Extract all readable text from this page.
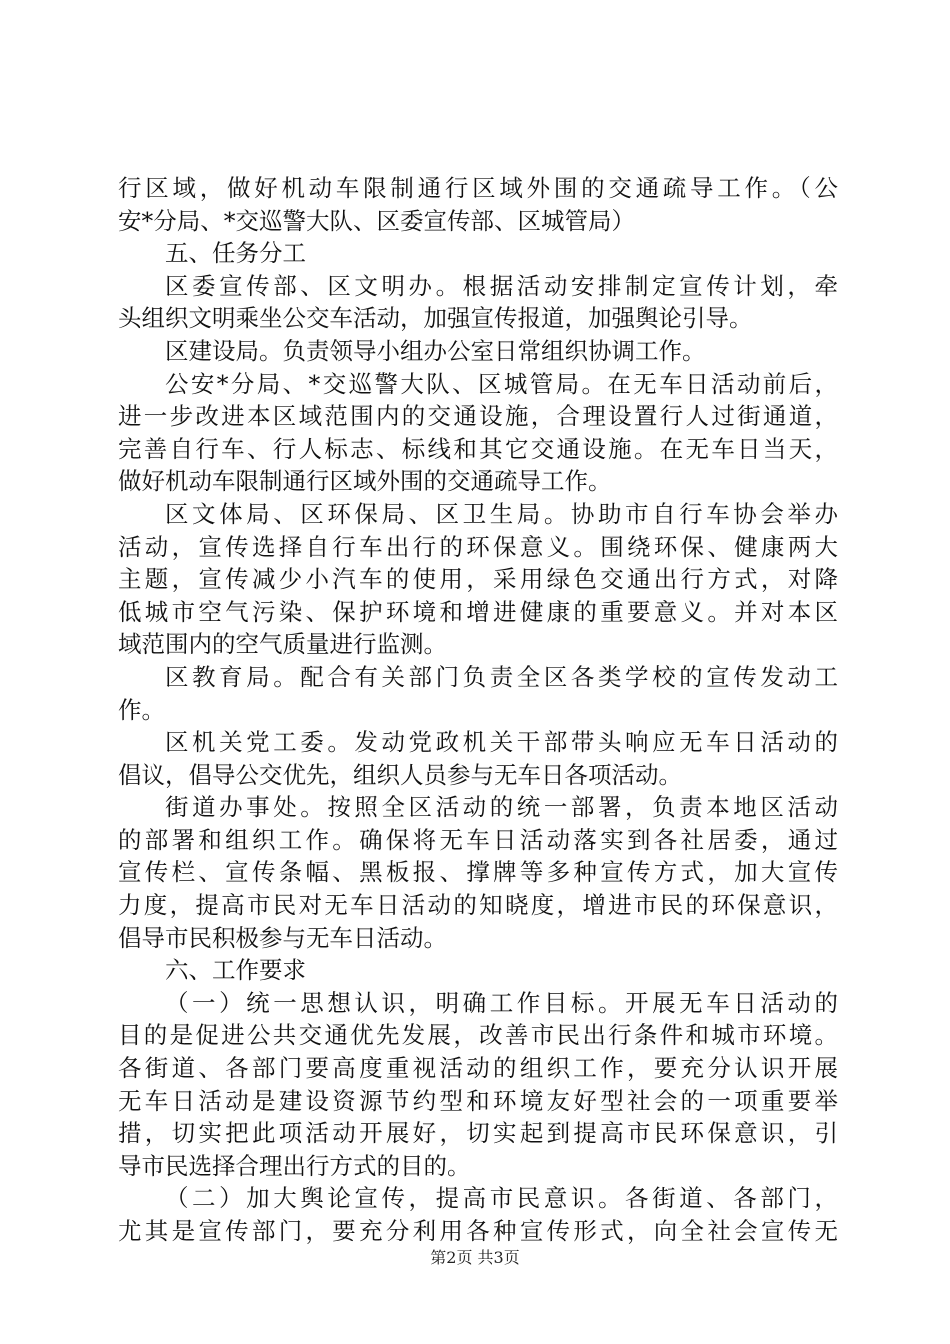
行区域，做好机动车限制通行区域外围的交通疏导工作。（公
安*分局、*交巡警大队、区委宣传部、区城管局）
五、任务分工
区委宣传部、区文明办。根据活动安排制定宣传计划，牵
头组织文明乘坐公交车活动，加强宣传报道，加强舆论引导。
区建设局。负责领导小组办公室日常组织协调工作。
公安*分局、*交巡警大队、区城管局。在无车日活动前后，
进一步改进本区域范围内的交通设施，合理设置行人过街通道，
完善自行车、行人标志、标线和其它交通设施。在无车日当天，
做好机动车限制通行区域外围的交通疏导工作。
区文体局、区环保局、区卫生局。协助市自行车协会举办
活动，宣传选择自行车出行的环保意义。围绕环保、健康两大
主题，宣传减少小汽车的使用，采用绿色交通出行方式，对降
低城市空气污染、保护环境和增进健康的重要意义。并对本区
域范围内的空气质量进行监测。
区教育局。配合有关部门负责全区各类学校的宣传发动工
作。
区机关党工委。发动党政机关干部带头响应无车日活动的
倡议，倡导公交优先，组织人员参与无车日各项活动。
街道办事处。按照全区活动的统一部署，负责本地区活动
的部署和组织工作。确保将无车日活动落实到各社居委，通过
宣传栏、宣传条幅、黑板报、撑牌等多种宣传方式，加大宣传
力度，提高市民对无车日活动的知晓度，增进市民的环保意识，
倡导市民积极参与无车日活动。
六、工作要求
（一）统一思想认识，明确工作目标。开展无车日活动的
目的是促进公共交通优先发展，改善市民出行条件和城市环境。
各街道、各部门要高度重视活动的组织工作，要充分认识开展
无车日活动是建设资源节约型和环境友好型社会的一项重要举
措，切实把此项活动开展好，切实起到提高市民环保意识，引
导市民选择合理出行方式的目的。
（二）加大舆论宣传，提高市民意识。各街道、各部门，
尤其是宣传部门，要充分利用各种宣传形式，向全社会宣传无
第2页 共3页
